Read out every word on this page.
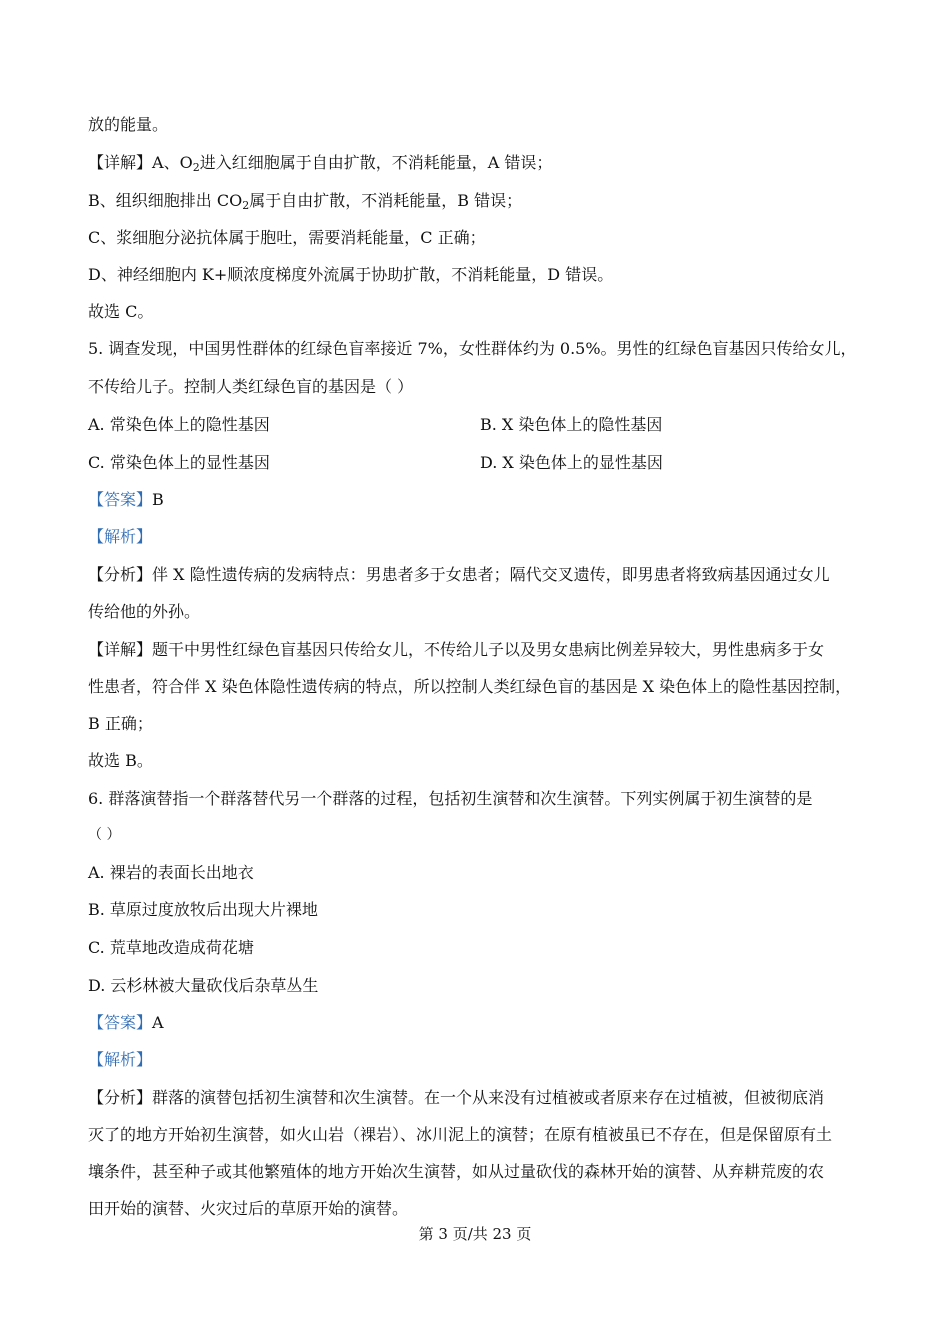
放的能量。
【详解】A、$O_2$进入红细胞属于自由扩散，不消耗能量，A 错误；
B、组织细胞排出 $CO_2$属于自由扩散，不消耗能量，B 错误；
C、浆细胞分泌抗体属于胞吐，需要消耗能量，C 正确；
D、神经细胞内 K+顺浓度梯度外流属于协助扩散，不消耗能量，D 错误。
故选 C。
5. 调查发现，中国男性群体的红绿色盲率接近 7%，女性群体约为 0.5%。男性的红绿色盲基因只传给女儿，
不传给儿子。控制人类红绿色盲的基因是（ ）
A. 常染色体上的隐性基因	B. X 染色体上的隐性基因
C. 常染色体上的显性基因	D. X 染色体上的显性基因
【答案】B
【解析】
【分析】伴 X 隐性遗传病的发病特点：男患者多于女患者；隔代交叉遗传，即男患者将致病基因通过女儿
传给他的外孙。
【详解】题干中男性红绿色盲基因只传给女儿，不传给儿子以及男女患病比例差异较大，男性患病多于女
性患者，符合伴 X 染色体隐性遗传病的特点，所以控制人类红绿色盲的基因是 X 染色体上的隐性基因控制，
B 正确；
故选 B。
6. 群落演替指一个群落替代另一个群落的过程，包括初生演替和次生演替。下列实例属于初生演替的是
（ ）
A. 裸岩的表面长出地衣
B. 草原过度放牧后出现大片裸地
C. 荒草地改造成荷花塘
D. 云杉林被大量砍伐后杂草丛生
【答案】A
【解析】
【分析】群落的演替包括初生演替和次生演替。在一个从来没有过植被或者原来存在过植被，但被彻底消
灭了的地方开始初生演替，如火山岩（裸岩）、冰川泥上的演替；在原有植被虽已不存在，但是保留原有土
壤条件，甚至种子或其他繁殖体的地方开始次生演替，如从过量砍伐的森林开始的演替、从弃耕荒废的农
田开始的演替、火灾过后的草原开始的演替。
第 3 页/共 23 页
